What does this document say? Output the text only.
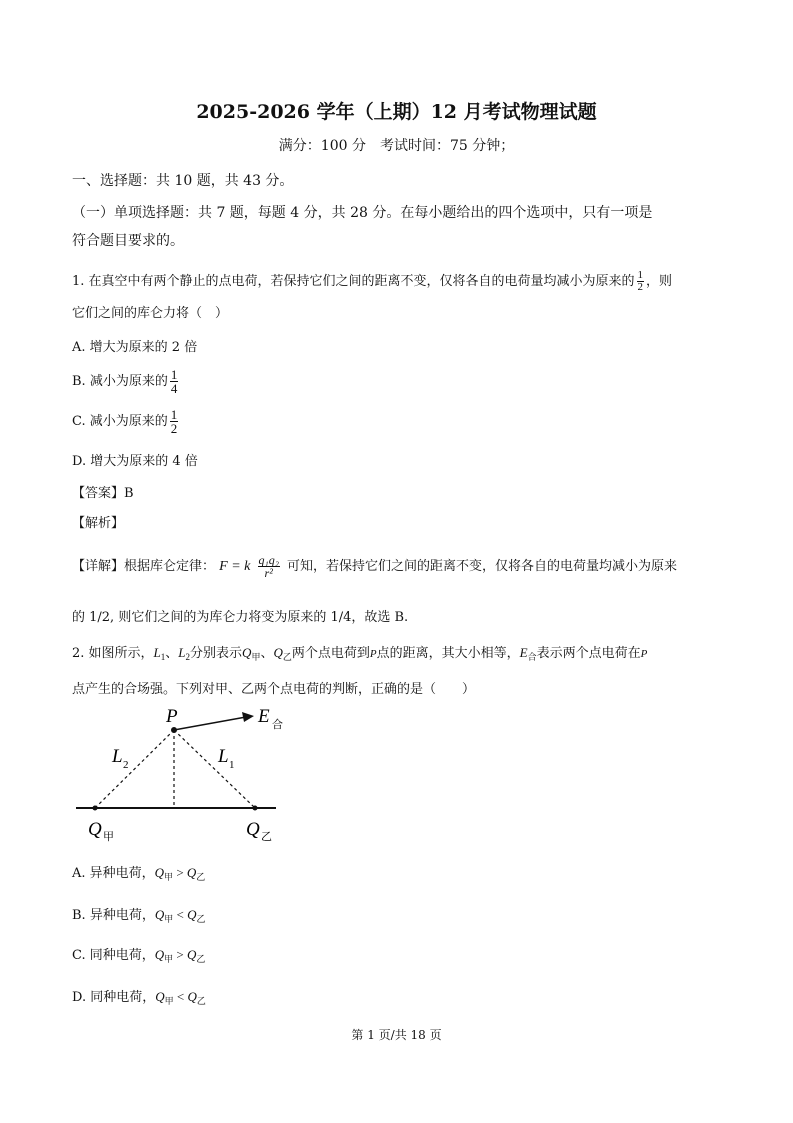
2025-2026 学年（上期）12 月考试物理试题
满分：100 分　考试时间：75 分钟；
一、选择题：共 10 题，共 43 分。
（一）单项选择题：共 7 题，每题 4 分，共 28 分。在每小题给出的四个选项中，只有一项是
符合题目要求的。
1. 在真空中有两个静止的点电荷，若保持它们之间的距离不变，仅将各自的电荷量均减小为原来的 $\frac{1}{2}$ ，则
它们之间的库仑力将（　）
A. 增大为原来的 2 倍
B. 减小为原来的 $\frac{1}{4}$
C. 减小为原来的 $\frac{1}{2}$
D. 增大为原来的 4 倍
【答案】B
【解析】
【详解】根据库仑定律： F = k $\frac{\text{q₁q₂}}{\text{r²}}$ 可知，若保持它们之间的距离不变，仅将各自的电荷量均减小为原来
的 1/2, 则它们之间的为库仑力将变为原来的 1/4，故选 B.
2. 如图所示，$L_1$、$L_2$分别表示$Q_甲$、$Q_乙$两个点电荷到P点的距离，其大小相等，$E_合$表示两个点电荷在P
点产生的合场强。下列对甲、乙两个点电荷的判断，正确的是（　　）
P	E 合
L 2	L 1
Q 甲	Q 乙
A. 异种电荷，$Q_甲 > Q_乙$
B. 异种电荷，$Q_甲 < Q_乙$
C. 同种电荷，$Q_甲 > Q_乙$
D. 同种电荷，$Q_甲 < Q_乙$
第 1 页/共 18 页
